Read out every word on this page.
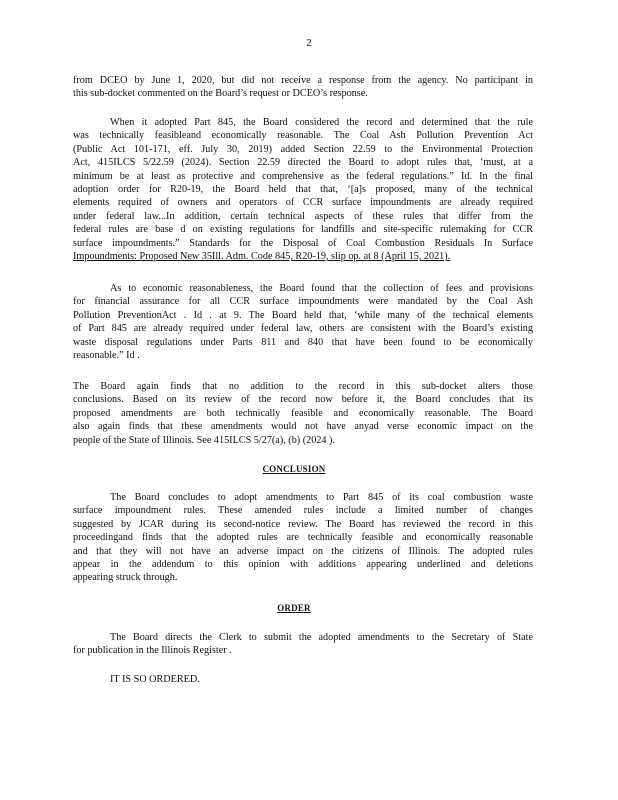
2
from DCEO by June 1, 2020, but did not receive a response from the agency. No participant in
this sub-docket commented on the Board’s request or DCEO’s response.
When it adopted Part 845, the Board considered the record and determined that the rule
was technically feasibleand economically reasonable. The Coal Ash Pollution Prevention Act
(Public Act 101-171, eff. July 30, 2019) added Section 22.59 to the Environmental Protection
Act, 415ILCS 5/22.59 (2024). Section 22.59 directed the Board to adopt rules that, ‘must, at a
minimum be at least as protective and comprehensive as the federal regulations.” Id. In the final
adoption order for R20-19, the Board held that that, ‘[a]s proposed, many of the technical
elements required of owners and operators of CCR surface impoundments are already required
under federal law...In addition, certain technical aspects of these rules that differ from the
federal rules are base d on existing regulations for landfills and site-specific rulemaking for CCR
surface impoundments.” Standards for the Disposal of Coal Combustion Residuals In Surface
Impoundments: Proposed New 35Ill. Adm. Code 845, R20-19, slip op. at 8 (April 15, 2021).
As to economic reasonableness, the Board found that the collection of fees and provisions
for financial assurance for all CCR surface impoundments were mandated by the Coal Ash
Pollution PreventionAct . Id . at 9. The Board held that, ‘while many of the technical elements
of Part 845 are already required under federal law, others are consistent with the Board’s existing
waste disposal regulations under Parts 811 and 840 that have been found to be economically
reasonable.” Id .
The Board again finds that no addition to the record in this sub-docket alters those
conclusions. Based on its review of the record now before it, the Board concludes that its
proposed amendments are both technically feasible and economically reasonable. The Board
also again finds that these amendments would not have anyad verse economic impact on the
people of the State of Illinois. See 415ILCS 5/27(a), (b) (2024 ).
CONCLUSION
The Board concludes to adopt amendments to Part 845 of its coal combustion waste
surface impoundment rules. These amended rules include a limited number of changes
suggested by JCAR during its second-notice review. The Board has reviewed the record in this
proceedingand finds that the adopted rules are technically feasible and economically reasonable
and that they will not have an adverse impact on the citizens of Illinois. The adopted rules
appear in the addendum to this opinion with additions appearing underlined and deletions
appearing struck through.
ORDER
The Board directs the Clerk to submit the adopted amendments to the Secretary of State
for publication in the Illinois Register .
IT IS SO ORDERED.
